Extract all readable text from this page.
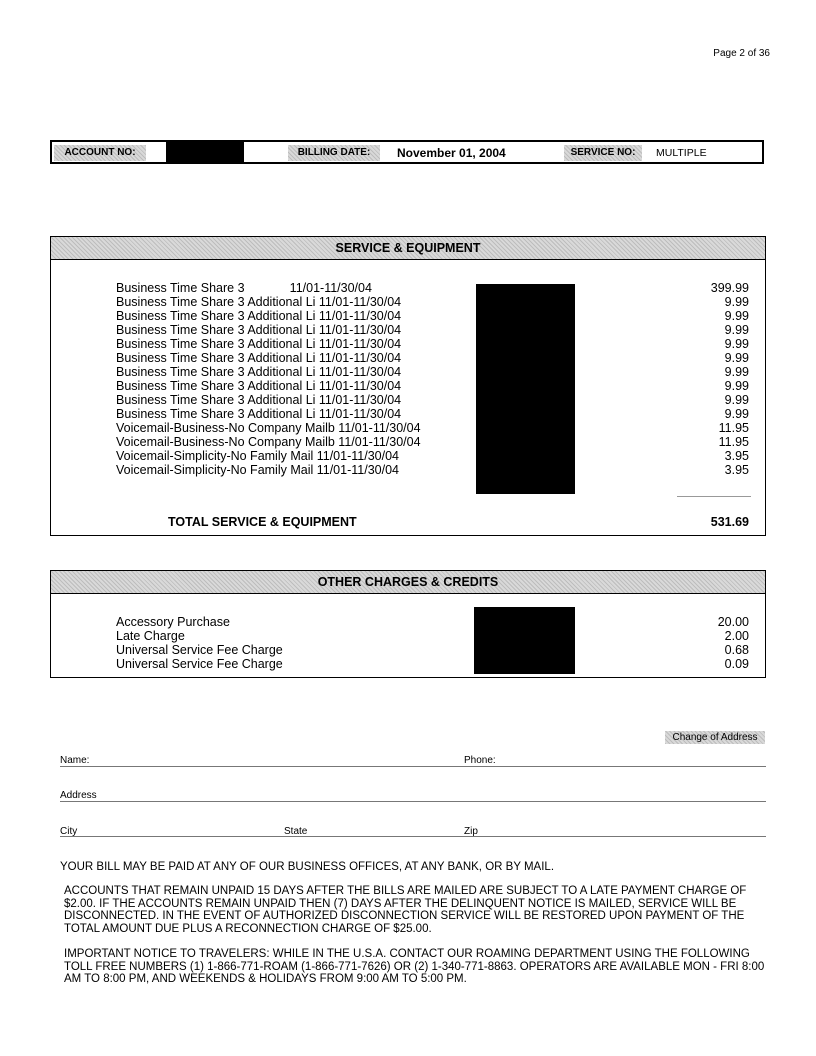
Page 2 of 36
ACCOUNT NO:	BILLING DATE:	November 01, 2004	SERVICE NO:	MULTIPLE
SERVICE & EQUIPMENT
Business Time Share 3             11/01-11/30/04	399.99
Business Time Share 3 Additional Li 11/01-11/30/04	9.99
Business Time Share 3 Additional Li 11/01-11/30/04	9.99
Business Time Share 3 Additional Li 11/01-11/30/04	9.99
Business Time Share 3 Additional Li 11/01-11/30/04	9.99
Business Time Share 3 Additional Li 11/01-11/30/04	9.99
Business Time Share 3 Additional Li 11/01-11/30/04	9.99
Business Time Share 3 Additional Li 11/01-11/30/04	9.99
Business Time Share 3 Additional Li 11/01-11/30/04	9.99
Business Time Share 3 Additional Li 11/01-11/30/04	9.99
Voicemail-Business-No Company Mailb 11/01-11/30/04	11.95
Voicemail-Business-No Company Mailb 11/01-11/30/04	11.95
Voicemail-Simplicity-No Family Mail 11/01-11/30/04	3.95
Voicemail-Simplicity-No Family Mail 11/01-11/30/04	3.95
TOTAL SERVICE & EQUIPMENT	531.69
OTHER CHARGES & CREDITS
Accessory Purchase	20.00
Late Charge	2.00
Universal Service Fee Charge	0.68
Universal Service Fee Charge	0.09
Change of Address
Name:	Phone:
Address
City	State	Zip

YOUR BILL MAY BE PAID AT ANY OF OUR BUSINESS OFFICES, AT ANY BANK, OR BY MAIL.

ACCOUNTS THAT REMAIN UNPAID 15 DAYS AFTER THE BILLS ARE MAILED ARE SUBJECT TO A LATE PAYMENT CHARGE OF $2.00. IF THE ACCOUNTS REMAIN UNPAID THEN (7) DAYS AFTER THE DELINQUENT NOTICE IS MAILED, SERVICE WILL BE DISCONNECTED. IN THE EVENT OF AUTHORIZED DISCONNECTION SERVICE WILL BE RESTORED UPON PAYMENT OF THE TOTAL AMOUNT DUE PLUS A RECONNECTION CHARGE OF $25.00.

IMPORTANT NOTICE TO TRAVELERS: WHILE IN THE U.S.A. CONTACT OUR ROAMING DEPARTMENT USING THE FOLLOWING TOLL FREE NUMBERS (1) 1-866-771-ROAM (1-866-771-7626) OR (2) 1-340-771-8863. OPERATORS ARE AVAILABLE MON - FRI 8:00 AM TO 8:00 PM, AND WEEKENDS & HOLIDAYS FROM 9:00 AM TO 5:00 PM.
